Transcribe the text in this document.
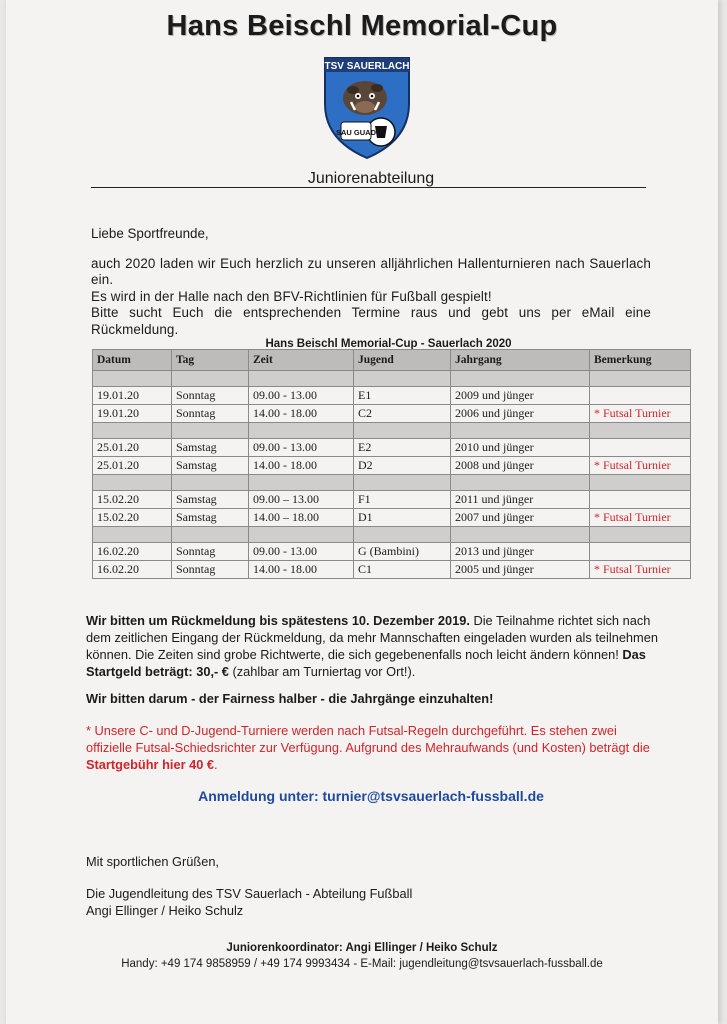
Hans Beischl Memorial-Cup
TSV SAUERLACH
SAU GUAD
Juniorenabteilung
Liebe Sportfreunde,
auch 2020 laden wir Euch herzlich zu unseren alljährlichen Hallenturnieren nach Sauerlach ein.
Es wird in der Halle nach den BFV-Richtlinien für Fußball gespielt!
Bitte sucht Euch die entsprechenden Termine raus und gebt uns per eMail eine Rückmeldung.
Hans Beischl Memorial-Cup - Sauerlach 2020
Datum	Tag	Zeit	Jugend	Jahrgang	Bemerkung

19.01.20	Sonntag	09.00 - 13.00	E1	2009 und jünger	
19.01.20	Sonntag	14.00 - 18.00	C2	2006 und jünger	* Futsal Turnier

25.01.20	Samstag	09.00 - 13.00	E2	2010 und jünger	
25.01.20	Samstag	14.00 - 18.00	D2	2008 und jünger	* Futsal Turnier

15.02.20	Samstag	09.00 – 13.00	F1	2011 und jünger	
15.02.20	Samstag	14.00 – 18.00	D1	2007 und jünger	* Futsal Turnier

16.02.20	Sonntag	09.00 - 13.00	G (Bambini)	2013 und jünger	
16.02.20	Sonntag	14.00 - 18.00	C1	2005 und jünger	* Futsal Turnier
Wir bitten um Rückmeldung bis spätestens 10. Dezember 2019. Die Teilnahme richtet sich nach dem zeitlichen Eingang der Rückmeldung, da mehr Mannschaften eingeladen wurden als teilnehmen können. Die Zeiten sind grobe Richtwerte, die sich gegebenenfalls noch leicht ändern können! Das Startgeld beträgt: 30,- € (zahlbar am Turniertag vor Ort!).
Wir bitten darum - der Fairness halber - die Jahrgänge einzuhalten!
* Unsere C- und D-Jugend-Turniere werden nach Futsal-Regeln durchgeführt. Es stehen zwei offizielle Futsal-Schiedsrichter zur Verfügung. Aufgrund des Mehraufwands (und Kosten) beträgt die Startgebühr hier 40 €.
Anmeldung unter: turnier@tsvsauerlach-fussball.de
Mit sportlichen Grüßen,
Die Jugendleitung des TSV Sauerlach - Abteilung Fußball
Angi Ellinger / Heiko Schulz
Juniorenkoordinator: Angi Ellinger / Heiko Schulz
Handy: +49 174 9858959 / +49 174 9993434 - E-Mail: jugendleitung@tsvsauerlach-fussball.de
